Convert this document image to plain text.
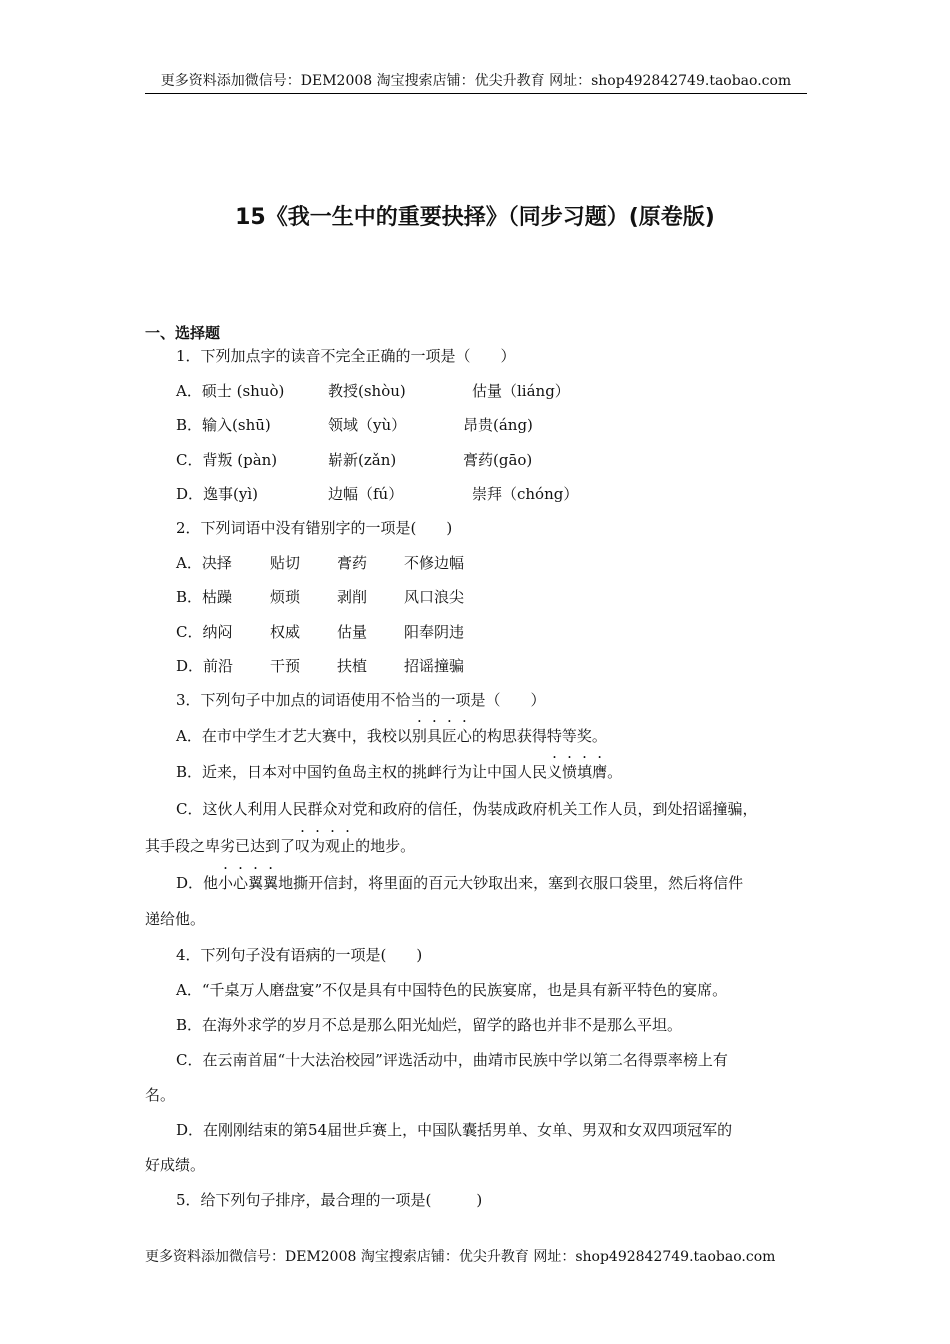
更多资料添加微信号：DEM2008 淘宝搜索店铺：优尖升教育 网址：shop492842749.taobao.com
15《我一生中的重要抉择》（同步习题）(原卷版)
一、选择题
1．下列加点字的读音不完全正确的一项是（　　）
A．硕士 (shuò)	教授(shòu)	估量（liáng）
B．输入(shū)	领域（yù）	昂贵(áng)
C．背叛 (pàn)	崭新(zǎn)	膏药(gāo)
D．逸事(yì)	边幅（fú）	崇拜（chóng）
2．下列词语中没有错别字的一项是(　　)
A．决择	贴切 膏药 不修边幅
B．枯躁	烦琐 剥削 风口浪尖
C．纳闷	权威 估量 阳奉阴违
D．前沿 干预 扶植 招谣撞骗
3．下列句子中加点的词语使用不恰当的一项是（　　）
A．在市中学生才艺大赛中，我校以别具匠心的构思获得特等奖。
B．近来，日本对中国钓鱼岛主权的挑衅行为让中国人民义愤填膺。
C．这伙人利用人民群众对党和政府的信任，伪装成政府机关工作人员，到处招谣撞骗，
其手段之卑劣已达到了叹为观止的地步。
D．他小心翼翼地撕开信封，将里面的百元大钞取出来，塞到衣服口袋里，然后将信件
递给他。
4．下列句子没有语病的一项是(　　)
A．“千桌万人磨盘宴”不仅是具有中国特色的民族宴席，也是具有新平特色的宴席。
B．在海外求学的岁月不总是那么阳光灿烂，留学的路也并非不是那么平坦。
C．在云南首届“十大法治校园”评选活动中，曲靖市民族中学以第二名得票率榜上有
名。
D．在刚刚结束的第54届世乒赛上，中国队囊括男单、女单、男双和女双四项冠军的
好成绩。
5．给下列句子排序，最合理的一项是(　　　)
更多资料添加微信号：DEM2008 淘宝搜索店铺：优尖升教育 网址：shop492842749.taobao.com
